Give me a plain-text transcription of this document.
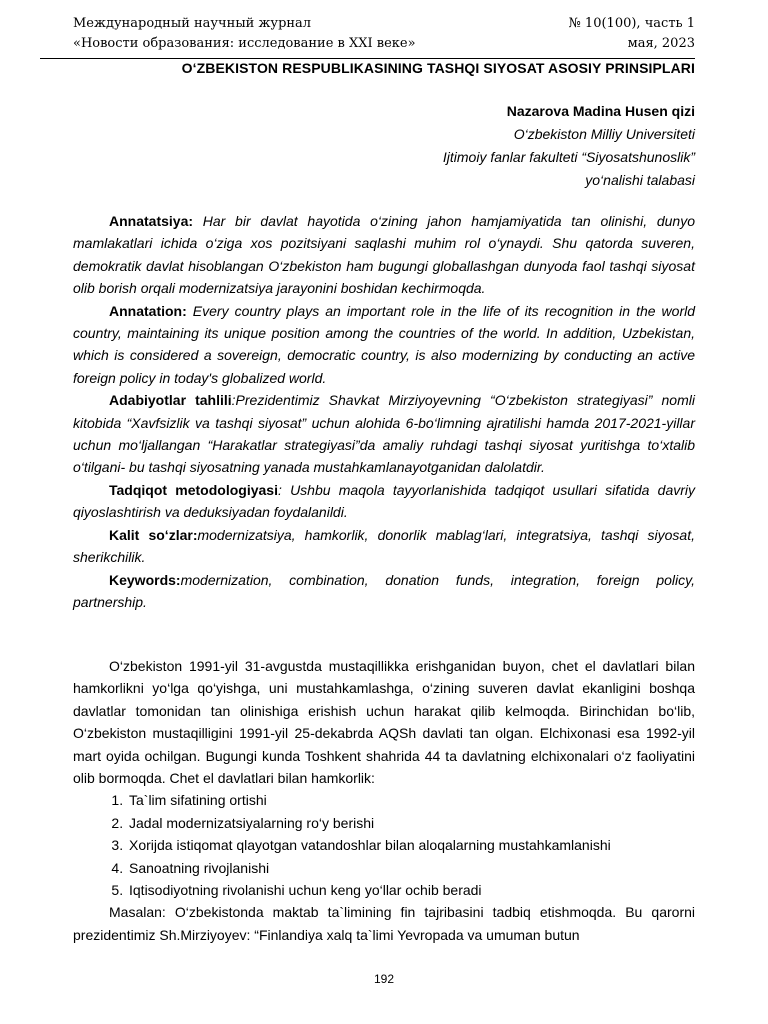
Международный научный журнал	№ 10(100), часть 1
«Новости образования: исследование в XXI веке»	мая, 2023
O‘ZBEKISTON RESPUBLIKASINING TASHQI SIYOSAT ASOSIY PRINSIPLARI
Nazarova Madina Husen qizi
O‘zbekiston Milliy Universiteti
Ijtimoiy fanlar fakulteti “Siyosatshunoslik”
yo‘nalishi talabasi

Annatatsiya: Har bir davlat hayotida o‘zining jahon hamjamiyatida tan olinishi, dunyo mamlakatlari ichida o‘ziga xos pozitsiyani saqlashi muhim rol o‘ynaydi. Shu qatorda suveren, demokratik davlat hisoblangan O‘zbekiston ham bugungi globallashgan dunyoda faol tashqi siyosat olib borish orqali modernizatsiya jarayonini boshidan kechirmoqda.

Annatation: Every country plays an important role in the life of its recognition in the world country, maintaining its unique position among the countries of the world. In addition, Uzbekistan, which is considered a sovereign, democratic country, is also modernizing by conducting an active foreign policy in today's globalized world.

Adabiyotlar tahlili:Prezidentimiz Shavkat Mirziyoyevning “O‘zbekiston strategiyasi” nomli kitobida “Xavfsizlik va tashqi siyosat” uchun alohida 6-bo‘limning ajratilishi hamda 2017-2021-yillar uchun mo‘ljallangan “Harakatlar strategiyasi”da amaliy ruhdagi tashqi siyosat yuritishga to‘xtalib o‘tilgani- bu tashqi siyosatning yanada mustahkamlanayotganidan dalolatdir.

Tadqiqot metodologiyasi: Ushbu maqola tayyorlanishida tadqiqot usullari sifatida davriy qiyoslashtirish va deduksiyadan foydalanildi.

Kalit so‘zlar:modernizatsiya, hamkorlik, donorlik mablag‘lari, integratsiya, tashqi siyosat, sherikchilik.

Keywords:modernization, combination, donation funds, integration, foreign policy, partnership.

O‘zbekiston 1991-yil 31-avgustda mustaqillikka erishganidan buyon, chet el davlatlari bilan hamkorlikni yo‘lga qo‘yishga, uni mustahkamlashga, o‘zining suveren davlat ekanligini boshqa davlatlar tomonidan tan olinishiga erishish uchun harakat qilib kelmoqda. Birinchidan bo‘lib, O‘zbekiston mustaqilligini 1991-yil 25-dekabrda AQSh davlati tan olgan. Elchixonasi esa 1992-yil mart oyida ochilgan. Bugungi kunda Toshkent shahrida 44 ta davlatning elchixonalari o‘z faoliyatini olib bormoqda. Chet el davlatlari bilan hamkorlik:

1. Ta`lim sifatining ortishi
2. Jadal modernizatsiyalarning ro‘y berishi
3. Xorijda istiqomat qlayotgan vatandoshlar bilan aloqalarning mustahkamlanishi
4. Sanoatning rivojlanishi
5. Iqtisodiyotning rivolanishi uchun keng yo‘llar ochib beradi

Masalan: O‘zbekistonda maktab ta`limining fin tajribasini tadbiq etishmoqda. Bu qarorni prezidentimiz Sh.Mirziyoyev: “Finlandiya xalq ta`limi Yevropada va umuman butun

192
